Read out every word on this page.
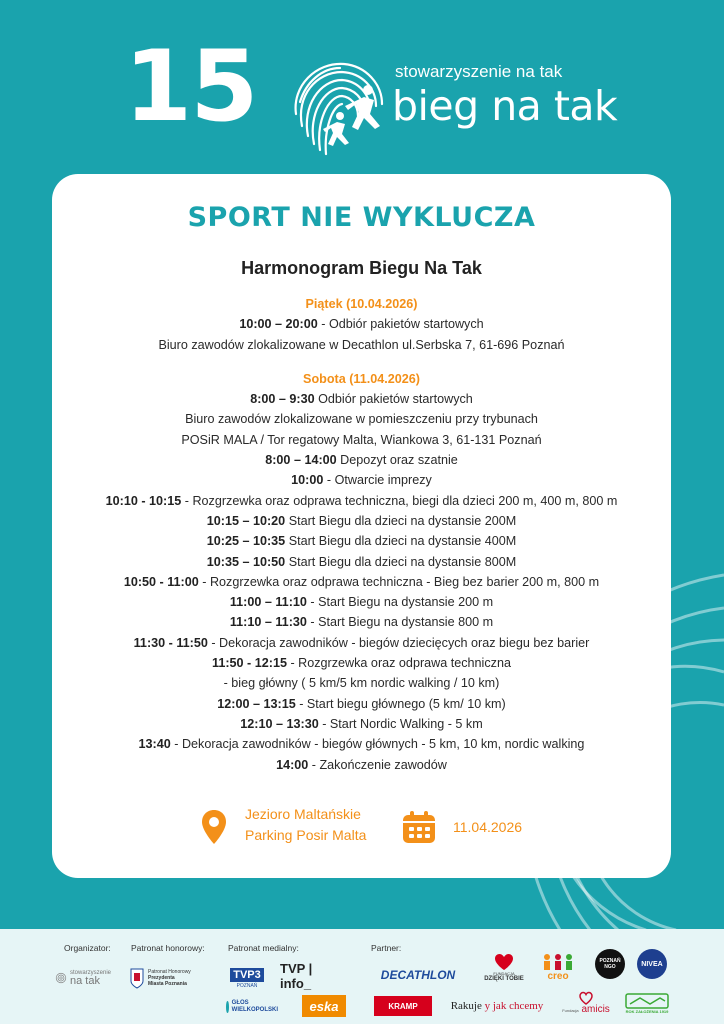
15	stowarzyszenie na tak
bieg na tak
SPORT NIE WYKLUCZA
Harmonogram Biegu Na Tak
Piątek (10.04.2026)
10:00 – 20:00 - Odbiór pakietów startowych
Biuro zawodów zlokalizowane w Decathlon ul.Serbska 7, 61-696 Poznań
Sobota (11.04.2026)
8:00 – 9:30 Odbiór pakietów startowych
Biuro zawodów zlokalizowane w pomieszczeniu przy trybunach
POSiR MALA / Tor regatowy Malta, Wiankowa 3, 61-131 Poznań
8:00 – 14:00 Depozyt oraz szatnie
10:00 - Otwarcie imprezy
10:10 - 10:15 - Rozgrzewka oraz odprawa techniczna, biegi dla dzieci 200 m, 400 m, 800 m
10:15 – 10:20 Start Biegu dla dzieci na dystansie 200M
10:25 – 10:35 Start Biegu dla dzieci na dystansie 400M
10:35 – 10:50 Start Biegu dla dzieci na dystansie 800M
10:50 - 11:00 - Rozgrzewka oraz odprawa techniczna - Bieg bez barier 200 m, 800 m
11:00 – 11:10 - Start Biegu na dystansie 200 m
11:10 – 11:30 - Start Biegu na dystansie 800 m
11:30 - 11:50 - Dekoracja zawodników - biegów dziecięcych oraz biegu bez barier
11:50 - 12:15 - Rozgrzewka oraz odprawa techniczna
- bieg główny ( 5 km/5 km nordic walking / 10 km)
12:00 – 13:15 - Start biegu głównego (5 km/ 10 km)
12:10 – 13:30 - Start Nordic Walking - 5 km
13:40 - Dekoracja zawodników - biegów głównych - 5 km, 10 km, nordic walking
14:00 - Zakończenie zawodów
Jezioro Maltańskie
Parking Posir Malta	11.04.2026
Organizator: Patronat honorowy:	Patronat medialny:	Partner:
stowarzyszenie
na tak
Patronat Honorowy
Prezydenta
Miasta Poznania
TVP3
POZNAŃ
TVP | info_
GŁOS
WIELKOPOLSKI	eska
DECATHLON
KRAMP
FUNDACJA
DZIĘKI TOBIE creo
POZNAŃ NGO	NIVEA
Rakuje
y jak chcemy	Fundacja amicis	ROK ZAŁOŻENIA 1919
